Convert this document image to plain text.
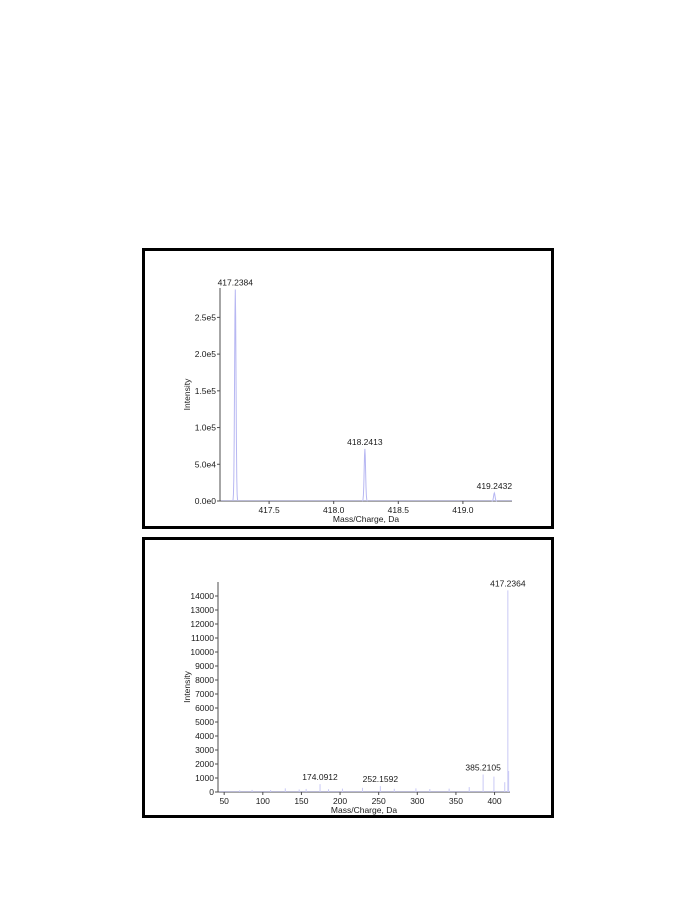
417.5	418.0	418.5	419.0
0.0e0
5.0e4
1.0e5
1.5e5
2.0e5
2.5e5
Mass/Charge, Da
Intensity
417.2384
418.2413
419.2432
50	100	150	200	250	300	350	400
0
1000
2000
3000
4000
5000
6000
7000
8000
9000
10000
11000
12000
13000
14000
Mass/Charge, Da
Intensity
174.0912	252.1592
385.2105
417.2364
